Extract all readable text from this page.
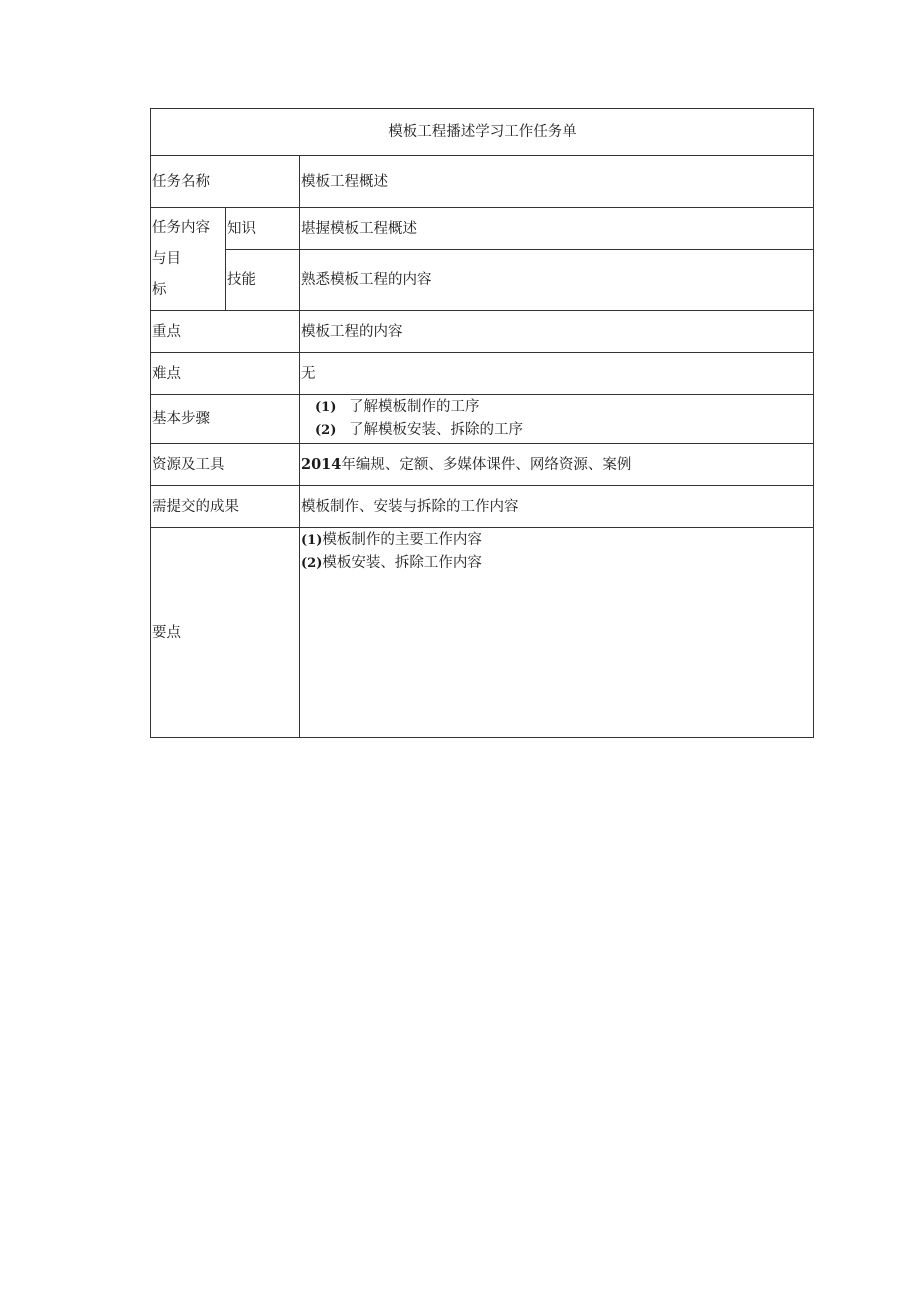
模板工程播述学习工作任务单		
任务名称		模板工程概述
任务内容
与目
标	知识	堪握模板工程概述
	技能	熟悉模板工程的内容
重点		模板工程的内容
难点		无
基本步骤		(1) 了解模板制作的工序
(2) 了解模板安装、拆除的工序

资源及工具		2014年编规、定额、多媒体课件、网络资源、案例
需提交的成果		模板制作、安装与拆除的工作内容
要点		(1)模板制作的主要工作内容
(2)模板安装、拆除工作内容
